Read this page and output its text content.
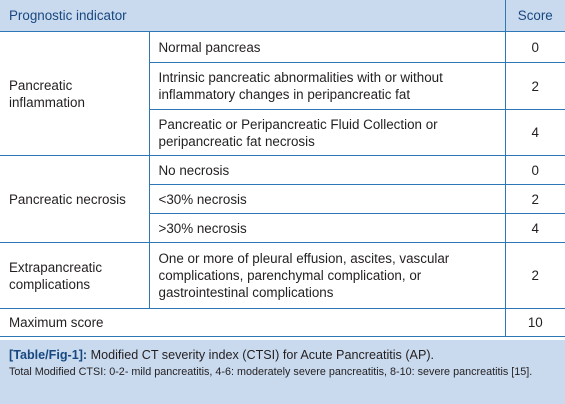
Prognostic indicator		Score
Pancreatic inflammation	Normal pancreas	0
	Intrinsic pancreatic abnormalities with or without inflammatory changes in peripancreatic fat	2
	Pancreatic or Peripancreatic Fluid Collection or peripancreatic fat necrosis	4
Pancreatic necrosis	No necrosis	0
	<30% necrosis	2
	>30% necrosis	4
Extrapancreatic complications	One or more of pleural effusion, ascites, vascular complications, parenchymal complication, or gastrointestinal complications	2
Maximum score		10

[Table/Fig-1]: Modified CT severity index (CTSI) for Acute Pancreatitis (AP).

Total Modified CTSI: 0-2- mild pancreatitis, 4-6: moderately severe pancreatitis, 8-10: severe pancreatitis [15].
